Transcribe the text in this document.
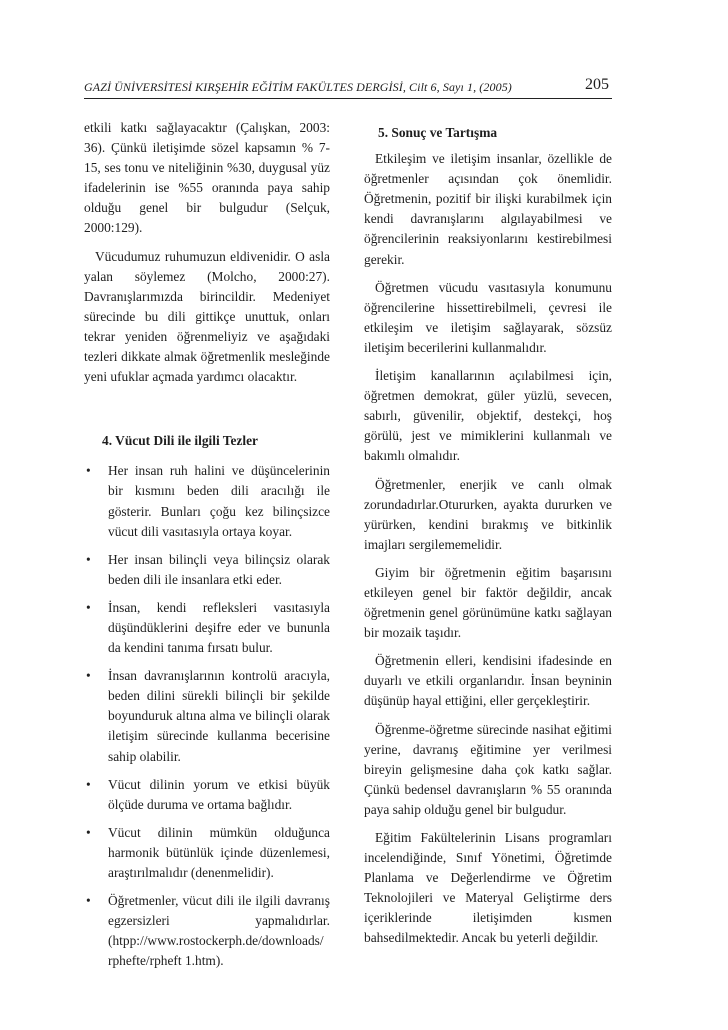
GAZİ ÜNİVERSİTESİ KIRŞEHİR EĞİTİM FAKÜLTES DERGİSİ, Cilt 6, Sayı 1, (2005)	205

etkili katkı sağlayacaktır (Çalışkan, 2003: 36). Çünkü iletişimde sözel kapsamın % 7-15, ses tonu ve niteliğinin %30, duygusal yüz ifadelerinin ise %55 oranında paya sahip olduğu genel bir bulgudur (Selçuk, 2000:129).

Vücudumuz ruhumuzun eldivenidir. O asla yalan söylemez (Molcho, 2000:27). Davranışlarımızda birincildir. Medeniyet sürecinde bu dili gittikçe unuttuk, onları tekrar yeniden öğrenmeliyiz ve aşağıdaki tezleri dikkate almak öğretmenlik mesleğinde yeni ufuklar açmada yardımcı olacaktır.

4. Vücut Dili ile ilgili Tezler
• Her insan ruh halini ve düşüncelerinin bir kısmını beden dili aracılığı ile gösterir. Bunları çoğu kez bilinçsizce vücut dili vasıtasıyla ortaya koyar.
• Her insan bilinçli veya bilinçsiz olarak beden dili ile insanlara etki eder.
• İnsan, kendi refleksleri vasıtasıyla düşündüklerini deşifre eder ve bununla da kendini tanıma fırsatı bulur.
• İnsan davranışlarının kontrolü aracıyla, beden dilini sürekli bilinçli bir şekilde boyunduruk altına alma ve bilinçli olarak iletişim sürecinde kullanma becerisine sahip olabilir.
• Vücut dilinin yorum ve etkisi büyük ölçüde duruma ve ortama bağlıdır.
• Vücut dilinin mümkün olduğunca harmonik bütünlük içinde düzenlemesi, araştırılmalıdır (denenmelidir).
• Öğretmenler, vücut dili ile ilgili davranış egzersizleri yapmalıdırlar. (htpp://www.rostockerph.de/downloads/ rphefte/rpheft 1.htm).
5. Sonuç ve Tartışma

Etkileşim ve iletişim insanlar, özellikle de öğretmenler açısından çok önemlidir. Öğretmenin, pozitif bir ilişki kurabilmek için kendi davranışlarını algılayabilmesi ve öğrencilerinin reaksiyonlarını kestirebilmesi gerekir.

Öğretmen vücudu vasıtasıyla konumunu öğrencilerine hissettirebilmeli, çevresi ile etkileşim ve iletişim sağlayarak, sözsüz iletişim becerilerini kullanmalıdır.

İletişim kanallarının açılabilmesi için, öğretmen demokrat, güler yüzlü, sevecen, sabırlı, güvenilir, objektif, destekçi, hoş görülü, jest ve mimiklerini kullanmalı ve bakımlı olmalıdır.

Öğretmenler, enerjik ve canlı olmak zorundadırlar.Otururken, ayakta dururken ve yürürken, kendini bırakmış ve bitkinlik imajları sergilememelidir.

Giyim bir öğretmenin eğitim başarısını etkileyen genel bir faktör değildir, ancak öğretmenin genel görünümüne katkı sağlayan bir mozaik taşıdır.

Öğretmenin elleri, kendisini ifadesinde en duyarlı ve etkili organlarıdır. İnsan beyninin düşünüp hayal ettiğini, eller gerçekleştirir.

Öğrenme-öğretme sürecinde nasihat eğitimi yerine, davranış eğitimine yer verilmesi bireyin gelişmesine daha çok katkı sağlar. Çünkü bedensel davranışların % 55 oranında paya sahip olduğu genel bir bulgudur.

Eğitim Fakültelerinin Lisans programları incelendiğinde, Sınıf Yönetimi, Öğretimde Planlama ve Değerlendirme ve Öğretim Teknolojileri ve Materyal Geliştirme ders içeriklerinde iletişimden kısmen bahsedilmektedir. Ancak bu yeterli değildir.
